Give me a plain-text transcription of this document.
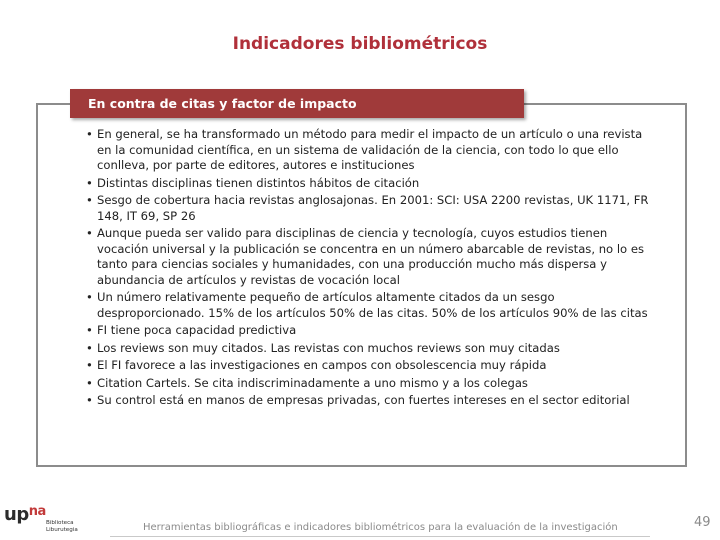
Indicadores bibliométricos
En contra de citas y factor de impacto
• En general, se ha transformado un método para medir el impacto de un artículo o una revista en la comunidad científica, en un sistema de validación de la ciencia, con todo lo que ello conlleva, por parte de editores, autores e instituciones
• Distintas disciplinas tienen distintos hábitos de citación
• Sesgo de cobertura hacia revistas anglosajonas. En 2001: SCI: USA 2200 revistas, UK 1171, FR 148, IT 69, SP 26
• Aunque pueda ser valido para disciplinas de ciencia y tecnología, cuyos estudios tienen vocación universal y la publicación se concentra en un número abarcable de revistas, no lo es tanto para ciencias sociales y humanidades, con una producción mucho más dispersa y abundancia de artículos y revistas de vocación local
• Un número relativamente pequeño de artículos altamente citados da un sesgo desproporcionado. 15% de los artículos 50% de las citas. 50% de los artículos 90% de las citas
• FI tiene poca capacidad predictiva
• Los reviews son muy citados. Las revistas con muchos reviews son muy citadas
• El FI favorece a las investigaciones en campos con obsolescencia muy rápida
• Citation Cartels. Se cita indiscriminadamente a uno mismo y a los colegas
• Su control está en manos de empresas privadas, con fuertes intereses en el sector editorial
$up^{na}$
Biblioteca
Liburutegia	Herramientas bibliográficas e indicadores bibliométricos para la evaluación de la investigación	49
